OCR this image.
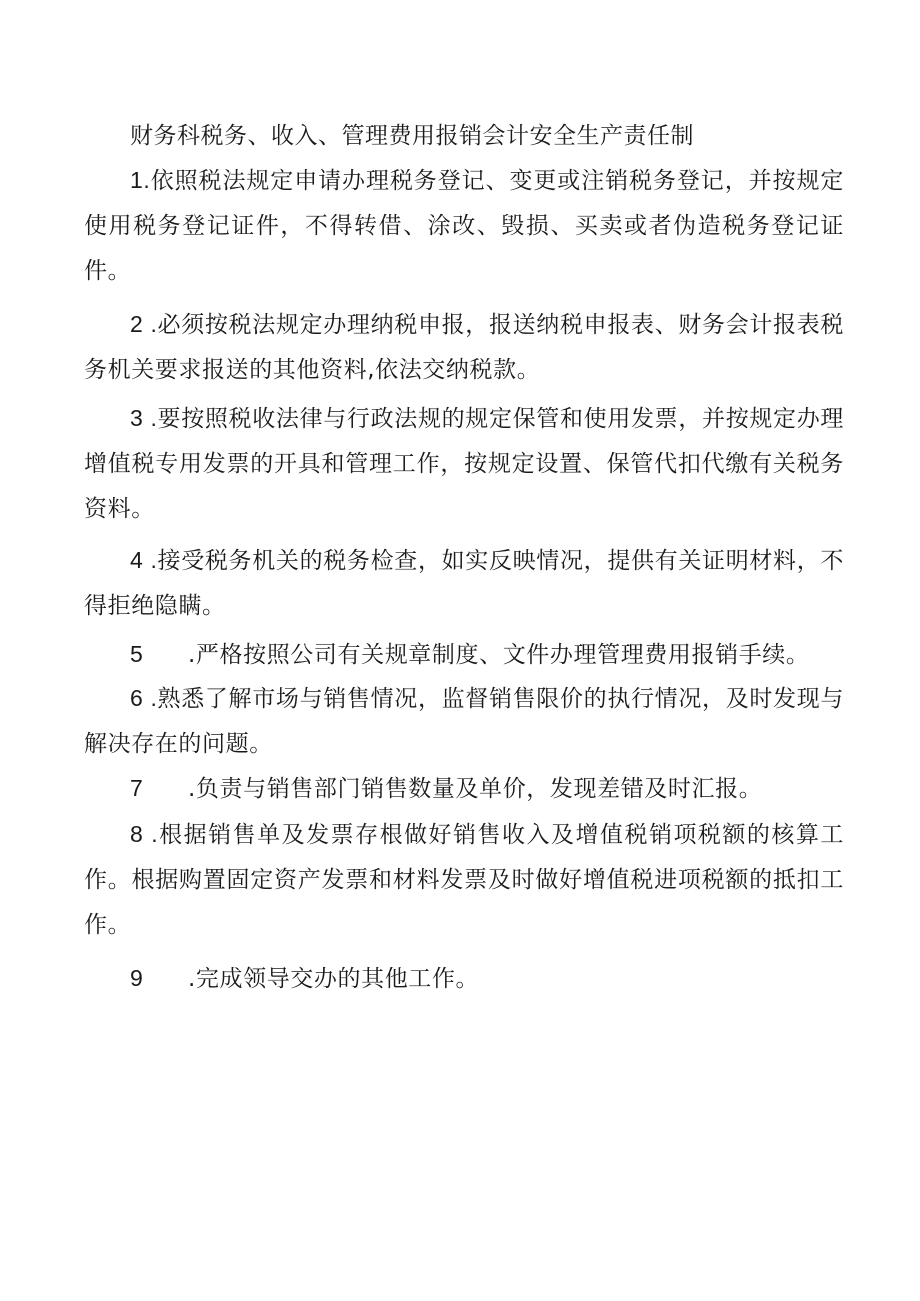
财务科税务、收入、管理费用报销会计安全生产责任制
1.依照税法规定申请办理税务登记、变更或注销税务登记，并按规定使用税务登记证件，不得转借、涂改、毁损、买卖或者伪造税务登记证件。
2 .必须按税法规定办理纳税申报，报送纳税申报表、财务会计报表税务机关要求报送的其他资料,依法交纳税款。
3 .要按照税收法律与行政法规的规定保管和使用发票，并按规定办理增值税专用发票的开具和管理工作，按规定设置、保管代扣代缴有关税务资料。
4 .接受税务机关的税务检查，如实反映情况，提供有关证明材料，不得拒绝隐瞒。
5 .严格按照公司有关规章制度、文件办理管理费用报销手续。
6 .熟悉了解市场与销售情况，监督销售限价的执行情况，及时发现与解决存在的问题。
7 .负责与销售部门销售数量及单价，发现差错及时汇报。
8 .根据销售单及发票存根做好销售收入及增值税销项税额的核算工作。根据购置固定资产发票和材料发票及时做好增值税进项税额的抵扣工作。
9 .完成领导交办的其他工作。
